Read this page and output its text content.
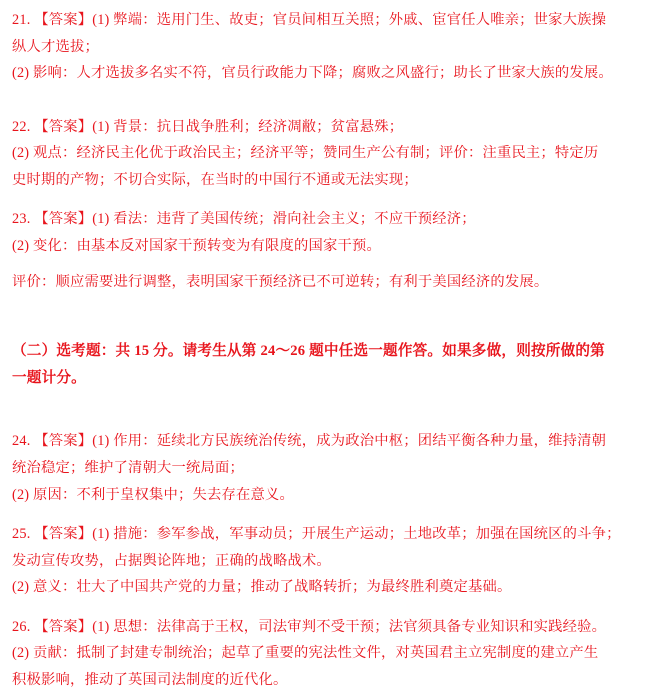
21. 【答案】(1) 弊端：选用门生、故吏；官员间相互关照；外戚、宦官任人唯亲；世家大族操

纵人才选拔；

(2) 影响：人才选拔多名实不符，官员行政能力下降；腐败之风盛行；助长了世家大族的发展。

22. 【答案】(1) 背景：抗日战争胜利；经济凋敝；贫富悬殊；

(2) 观点：经济民主化优于政治民主；经济平等；赞同生产公有制；评价：注重民主；特定历

史时期的产物；不切合实际，在当时的中国行不通或无法实现；

23. 【答案】(1) 看法：违背了美国传统；滑向社会主义；不应干预经济；

(2) 变化：由基本反对国家干预转变为有限度的国家干预。

评价：顺应需要进行调整，表明国家干预经济已不可逆转；有利于美国经济的发展。

（二）选考题：共 15 分。请考生从第 24～26 题中任选一题作答。如果多做，则按所做的第

一题计分。

24. 【答案】(1) 作用：延续北方民族统治传统，成为政治中枢；团结平衡各种力量，维持清朝

统治稳定；维护了清朝大一统局面；

(2) 原因：不利于皇权集中；失去存在意义。

25. 【答案】(1) 措施：参军参战，军事动员；开展生产运动；土地改革；加强在国统区的斗争；

发动宣传攻势，占据舆论阵地；正确的战略战术。

(2) 意义：壮大了中国共产党的力量；推动了战略转折；为最终胜利奠定基础。

26. 【答案】(1) 思想：法律高于王权，司法审判不受干预；法官须具备专业知识和实践经验。

(2) 贡献：抵制了封建专制统治；起草了重要的宪法性文件，对英国君主立宪制度的建立产生

积极影响，推动了英国司法制度的近代化。
